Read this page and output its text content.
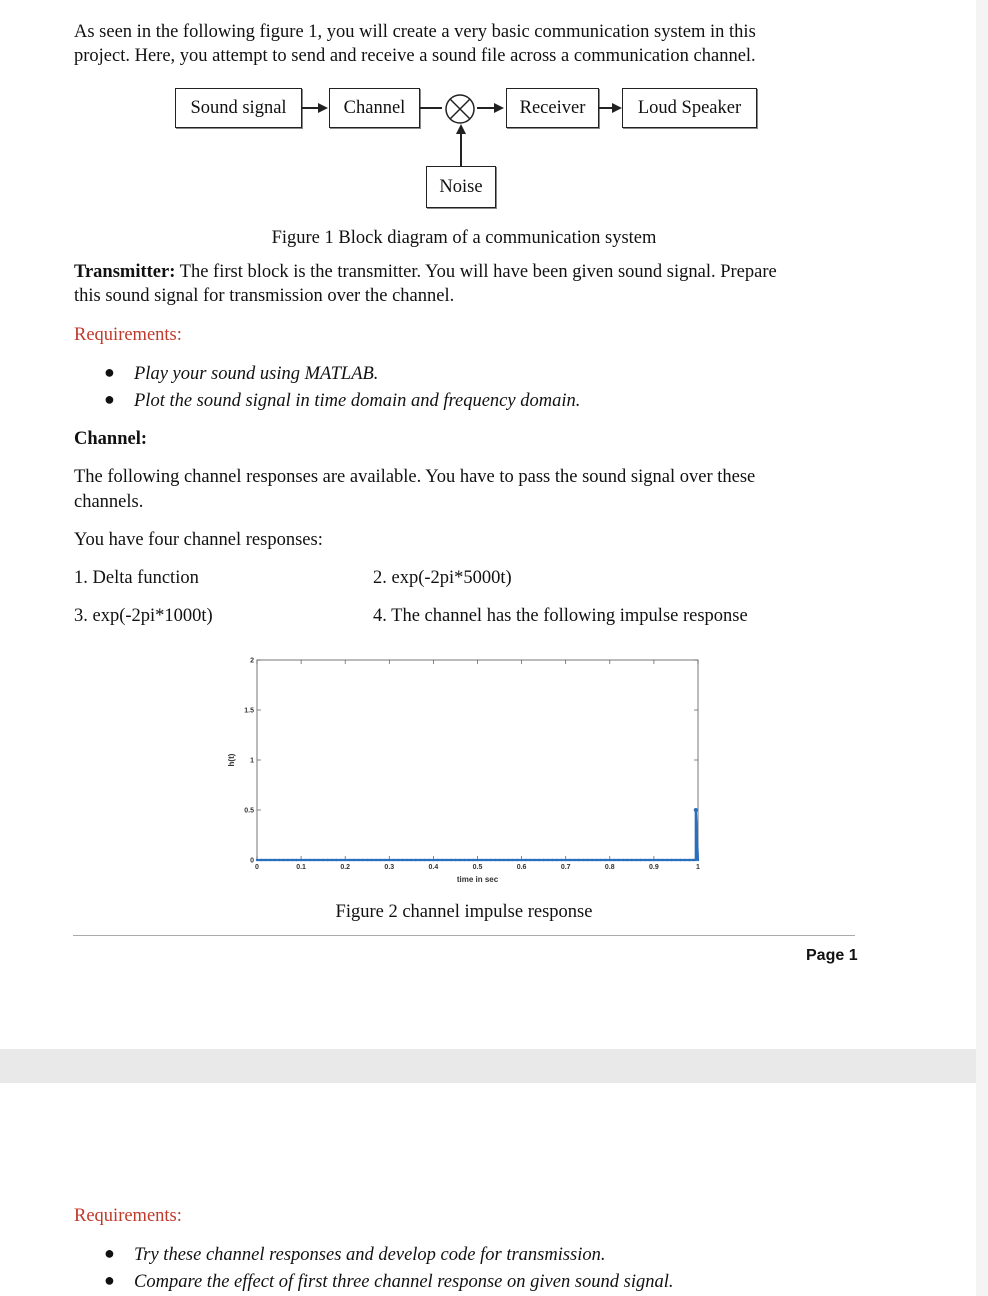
As seen in the following figure 1, you will create a very basic communication system in this

project. Here, you attempt to send and receive a sound file across a communication channel.

Sound signal	Channel	Receiver	Loud Speaker
Noise

Figure 1 Block diagram of a communication system

Transmitter: The first block is the transmitter. You will have been given sound signal. Prepare

this sound signal for transmission over the channel.

Requirements:

● Play your sound using MATLAB.

● Plot the sound signal in time domain and frequency domain.

Channel:

The following channel responses are available. You have to pass the sound signal over these

channels.

You have four channel responses:

1. Delta function	2. exp(-2pi*5000t)

3. exp(-2pi*1000t)	4. The channel has the following impulse response

0	0.1	0.2	0.3	0.4	0.5	0.6	0.7	0.8	0.9	1
0
0.5
1
1.5
2
time in sec
h(t)

Figure 2 channel impulse response

Page 1

Requirements:

● Try these channel responses and develop code for transmission.

● Compare the effect of first three channel response on given sound signal.
